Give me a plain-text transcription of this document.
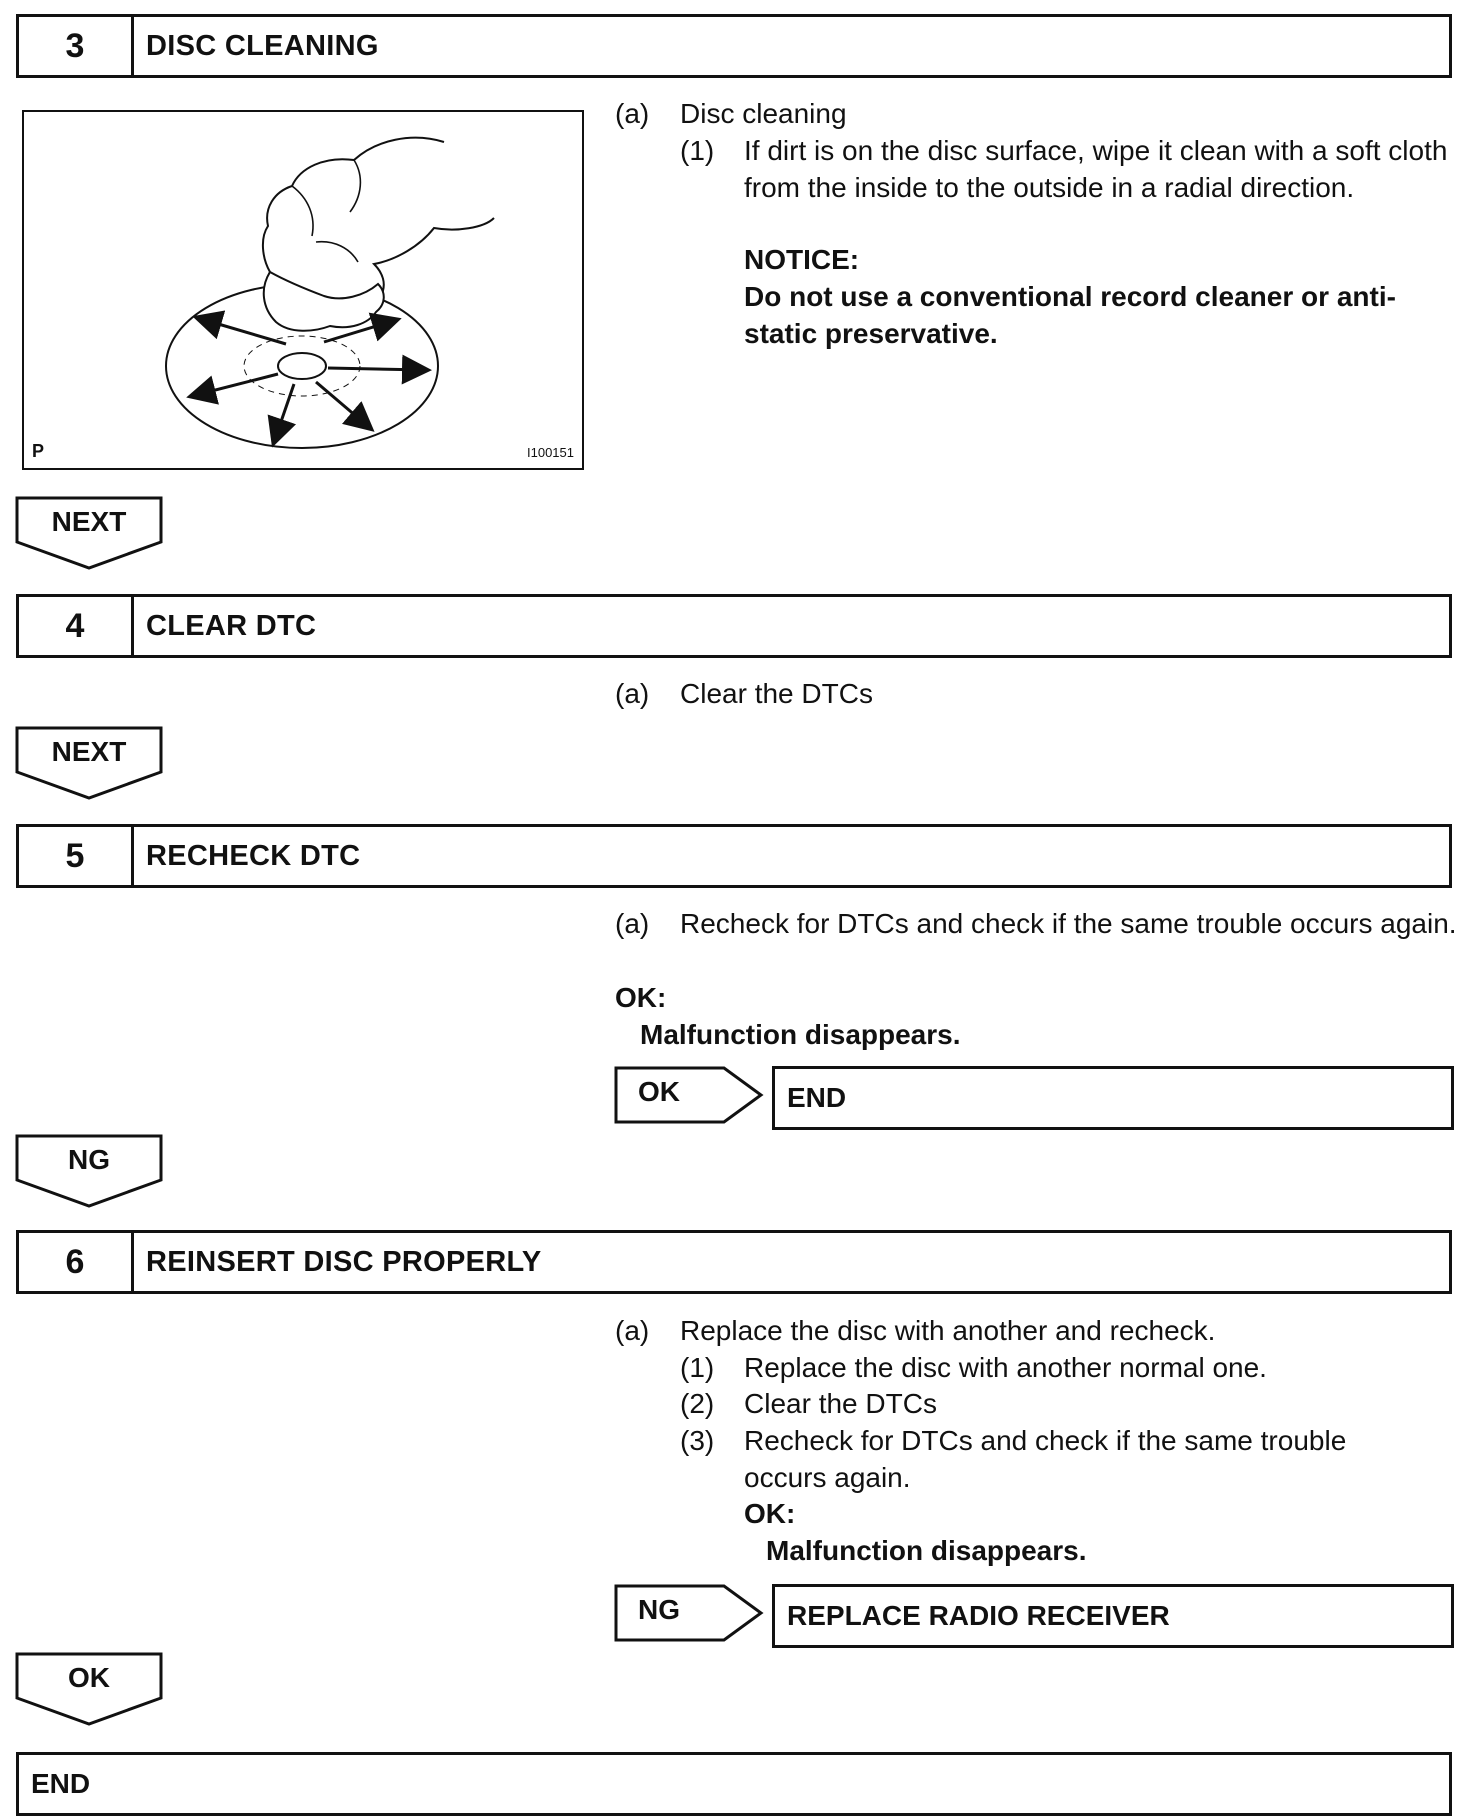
3	DISC CLEANING
P	I100151
(a) Disc cleaning
(1) If dirt is on the disc surface, wipe it clean with a soft cloth from the inside to the outside in a radial direction.
NOTICE:
Do not use a conventional record cleaner or anti-static preservative.
NEXT
4	CLEAR DTC
(a) Clear the DTCs
NEXT
5	RECHECK DTC
(a) Recheck for DTCs and check if the same trouble occurs again.
OK:
Malfunction disappears.
OK	END
NG
6	REINSERT DISC PROPERLY
(a) Replace the disc with another and recheck.
(1) Replace the disc with another normal one.
(2) Clear the DTCs
(3) Recheck for DTCs and check if the same trouble occurs again.
OK:
Malfunction disappears.
NG	REPLACE RADIO RECEIVER
OK
END
